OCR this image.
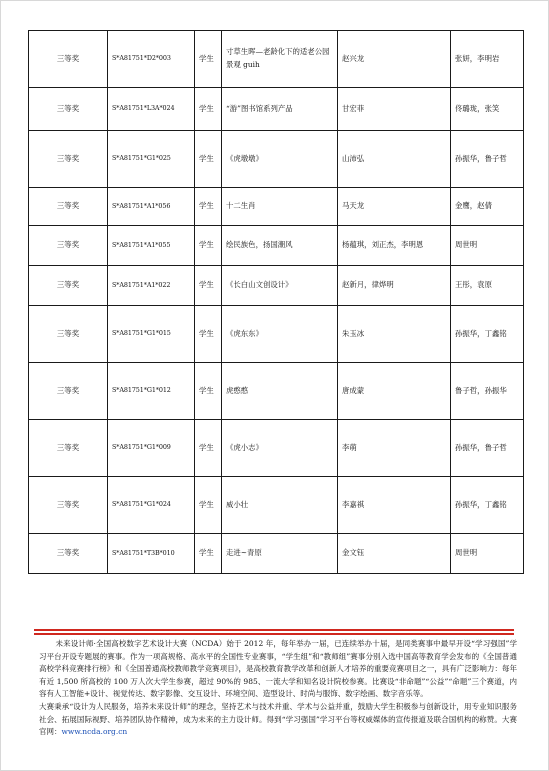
三等奖	S*A81751*D2*003	学生	寸草生晖—老龄化下的适老公园景观 guih	赵兴龙	张妍，李明岩
三等奖	S*A81751*L3A*024	学生	“游”图书馆系列产品	甘宏菲	佟璐珑，张笑
三等奖	S*A81751*G1*025	学生	《虎墩墩》	山沛弘	孙振华，鲁子哲
三等奖	S*A81751*A1*056	学生	十二生肖	马天龙	金鹰，赵倩
三等奖	S*A81751*A1*055	学生	绘民族色，扬国潮风	杨蕴琪，刘正杰，李明恩	周世明
三等奖	S*A81751*A1*022	学生	《长白山文创设计》	赵新月，律烨明	王彤，袁原
三等奖	S*A81751*G1*015	学生	《虎东东》	朱玉冰	孙振华，丁鑫铭
三等奖	S*A81751*G1*012	学生	虎憨憨	唐成蒙	鲁子哲，孙振华
三等奖	S*A81751*G1*009	学生	《虎小志》	李萌	孙振华，鲁子哲
三等奖	S*A81751*G1*024	学生	威小壮	李嘉祺	孙振华，丁鑫铭
三等奖	S*A81751*T3B*010	学生	走进~青原	金文钰	周世明

未来设计师·全国高校数字艺术设计大赛（NCDA）始于 2012 年，每年举办一届，已连续举办十届，是同类赛事中最早开设“学习强国”学习平台开设专题展的赛事。作为一项高规格、高水平的全国性专业赛事，“学生组”和“教师组”赛事分别入选中国高等教育学会发布的《全国普通高校学科竞赛排行榜》和《全国普通高校教师教学竞赛项目》，是高校教育教学改革和创新人才培养的重要竞赛项目之一，具有广泛影响力：每年有近 1,500 所高校的 100 万人次大学生参赛，超过 90%的 985、一流大学和知名设计院校参赛。比赛设“非命题”“公益”“命题”三个赛道，内容有人工智能+设计、视觉传达、数字影像、交互设计、环境空间、造型设计、时尚与服饰、数字绘画、数字音乐等。

大赛秉承“设计为人民服务，培养未来设计师”的理念，坚持艺术与技术并重、学术与公益并重，鼓励大学生积极参与创新设计，用专业知识服务社会、拓展国际视野、培养团队协作精神，成为未来的主力设计师。得到“学习强国”学习平台等权威媒体的宣传报道及联合国机构的称赞。大赛官网：www.ncda.org.cn
